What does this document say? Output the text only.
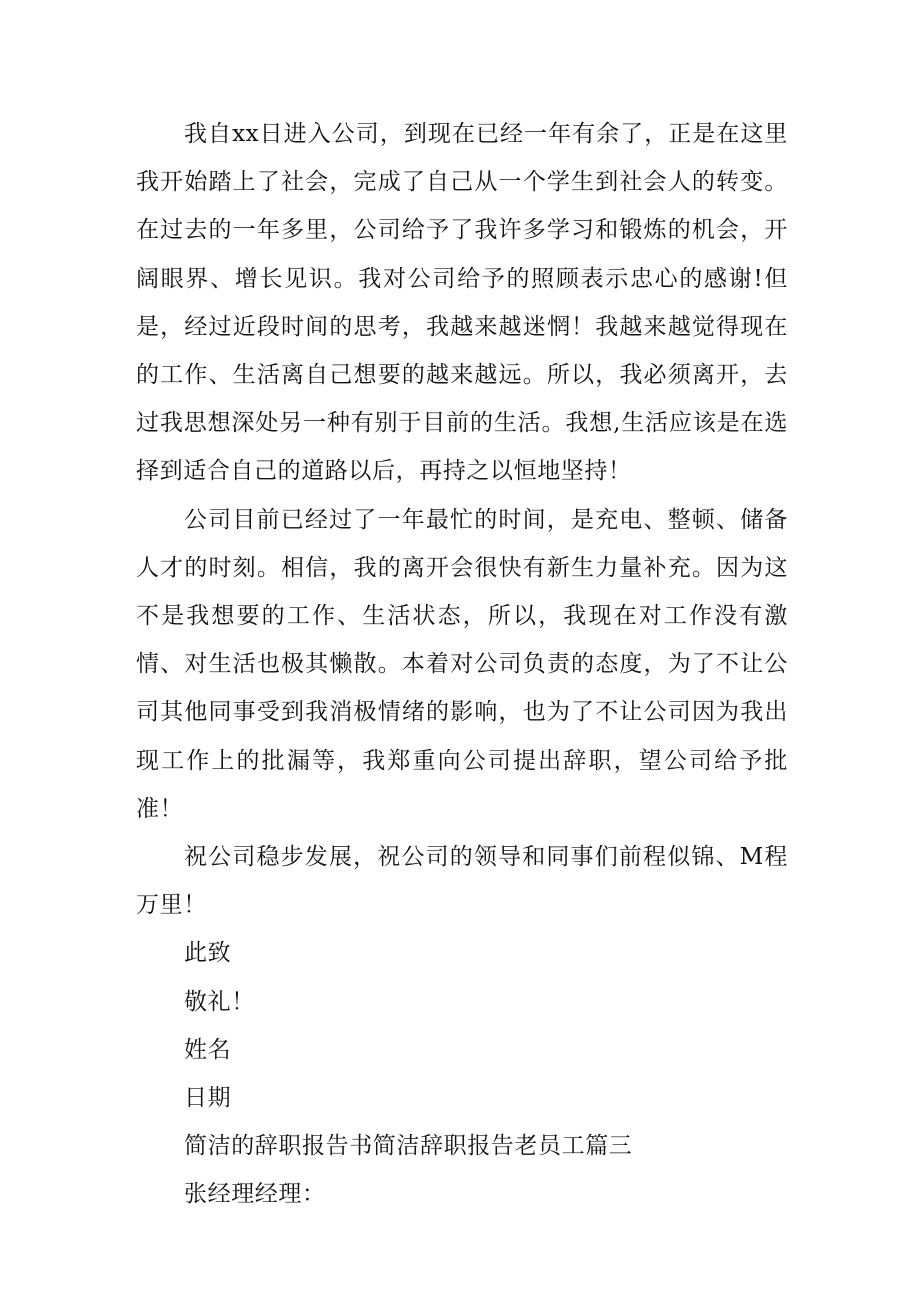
我自xx日进入公司，到现在已经一年有余了，正是在这里我开始踏上了社会，完成了自己从一个学生到社会人的转变。在过去的一年多里，公司给予了我许多学习和锻炼的机会，开阔眼界、增长见识。我对公司给予的照顾表示忠心的感谢!但是，经过近段时间的思考，我越来越迷惘！我越来越觉得现在的工作、生活离自己想要的越来越远。所以，我必须离开，去过我思想深处另一种有别于目前的生活。我想,生活应该是在选择到适合自己的道路以后，再持之以恒地坚持！

公司目前已经过了一年最忙的时间，是充电、整顿、储备人才的时刻。相信，我的离开会很快有新生力量补充。因为这不是我想要的工作、生活状态，所以，我现在对工作没有激情、对生活也极其懒散。本着对公司负责的态度，为了不让公司其他同事受到我消极情绪的影响，也为了不让公司因为我出现工作上的批漏等，我郑重向公司提出辞职，望公司给予批准！

祝公司稳步发展，祝公司的领导和同事们前程似锦、M程万里！

此致

敬礼！

姓名

日期

简洁的辞职报告书简洁辞职报告老员工篇三

张经理经理：
